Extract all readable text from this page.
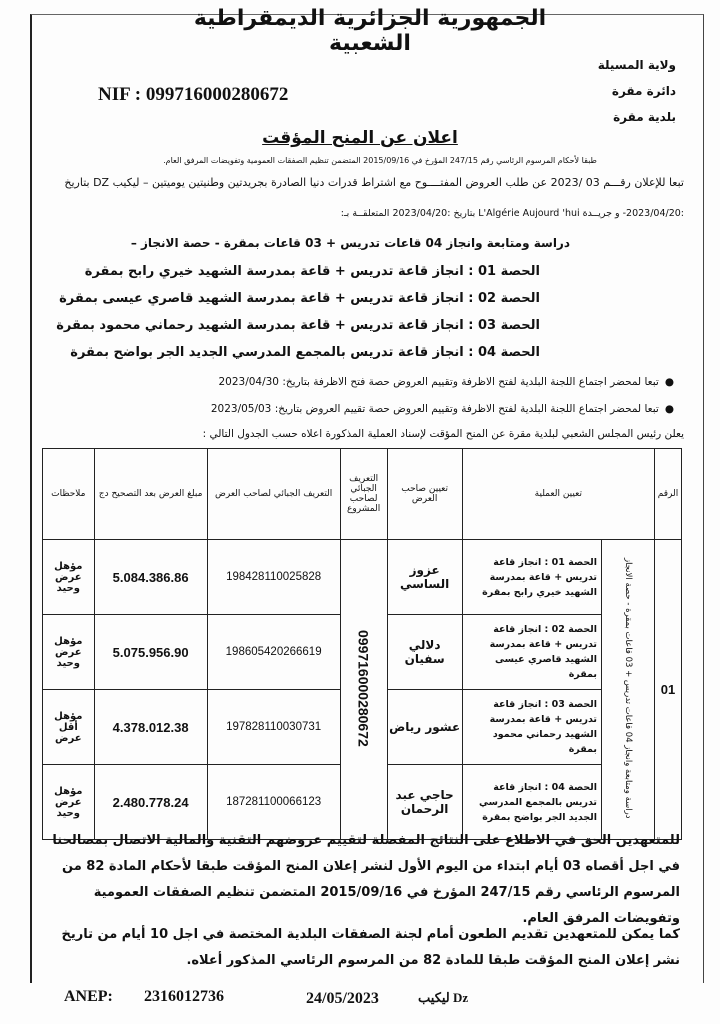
الجمهورية الجزائرية الديمقراطية الشعبية
ولاية المسيلة
دائرة مقرة
بلدية مقرة
NIF : 09971600028067​2
اعلان عن المنح المؤقت
طبقا لأحكام المرسوم الرئاسي رقم 247/15 المؤرخ في 2015/09/16 المتضمن تنظيم الصفقات العمومية وتفويضات المرفق العام.
تبعا للإعلان رقـــم 03 /2023 عن طلب العروض المفتــــوح مع اشتراط قدرات دنيا الصادرة بجريدتين وطنيتين يوميتين – ليكيب DZ بتاريخ
:2023/04/20- و جريــدة L'Algérie Aujourd 'hui بتاريخ :2023/04/20 المتعلقــة بـ:
دراسة ومتابعة وانجاز 04 قاعات تدريس + 03 قاعات بمقرة - حصة الانجاز –
الحصة 01 : انجاز قاعة تدريس + قاعة بمدرسة الشهيد خيري رابح بمقرة
الحصة 02 : انجاز قاعة تدريس + قاعة بمدرسة الشهيد قاصري عيسى بمقرة
الحصة 03 : انجاز قاعة تدريس + قاعة بمدرسة الشهيد رحماني محمود بمقرة
الحصة 04 : انجاز قاعة تدريس بالمجمع المدرسي الجديد الجر بواضح بمقرة
● تبعا لمحضر اجتماع اللجنة البلدية لفتح الاظرفة وتقييم العروض حصة فتح الاظرفة بتاريخ: 2023/04/30
● تبعا لمحضر اجتماع اللجنة البلدية لفتح الاظرفة وتقييم العروض حصة تقييم العروض بتاريخ: 2023/05/03
يعلن رئيس المجلس الشعبي لبلدية مقرة عن المنح المؤقت لإسناد العملية المذكورة اعلاه حسب الجدول التالي :
الرقم	تعيين العملية		تعيين صاحب العرض	التعريف الجبائي لصاحب المشروع	التعريف الجبائي لصاحب العرض	مبلغ العرض بعد التصحيح دج	ملاحظات
01	دراسة ومتابعة وانجاز 04 قاعات تدريس + 03 قاعات بمقرة - حصة الانجاز	الحصة 01 : انجاز قاعة تدريس + قاعة بمدرسة الشهيد خيري رابح بمقرة	عزوز الساسي	099716000280672	19842811002582​8	5.084.386.86	مؤهل عرض وحيد
		الحصة 02 : انجاز قاعة تدريس + قاعة بمدرسة الشهيد قاصري عيسى بمقرة	دلالي سفيان		198605420266619	5.075.956.90	مؤهل عرض وحيد
		الحصة 03 : انجاز قاعة تدريس + قاعة بمدرسة الشهيد رحماني محمود بمقرة	عشور رياض		197828110030731	4.378.012.38	مؤهل أقل عرض
		الحصة 04 : انجاز قاعة تدريس بالمجمع المدرسي الجديد الجر بواضح بمقرة	حاجي عبد الرحمان		187281100066123	2.480.778.24	مؤهل عرض وحيد
للمتعهدين الحق في الاطلاع على النتائج المفصلة لتقييم عروضهم التقنية والمالية الاتصال بمصالحنا في اجل أقصاه 03 أيام ابتداء من اليوم الأول لنشر إعلان المنح المؤقت طبقا لأحكام المادة 82 من المرسوم الرئاسي رقم 247/15 المؤرخ في 2015/09/16 المتضمن تنظيم الصفقات العمومية وتفويضات المرفق العام.
كما يمكن للمتعهدين تقديم الطعون أمام لجنة الصفقات البلدية المختصة في اجل 10 أيام من تاريخ نشر إعلان المنح المؤقت طبقا للمادة 82 من المرسوم الرئاسي المذكور أعلاه.
ANEP: 2316012736	24/05/2023	Dz ليكيب
